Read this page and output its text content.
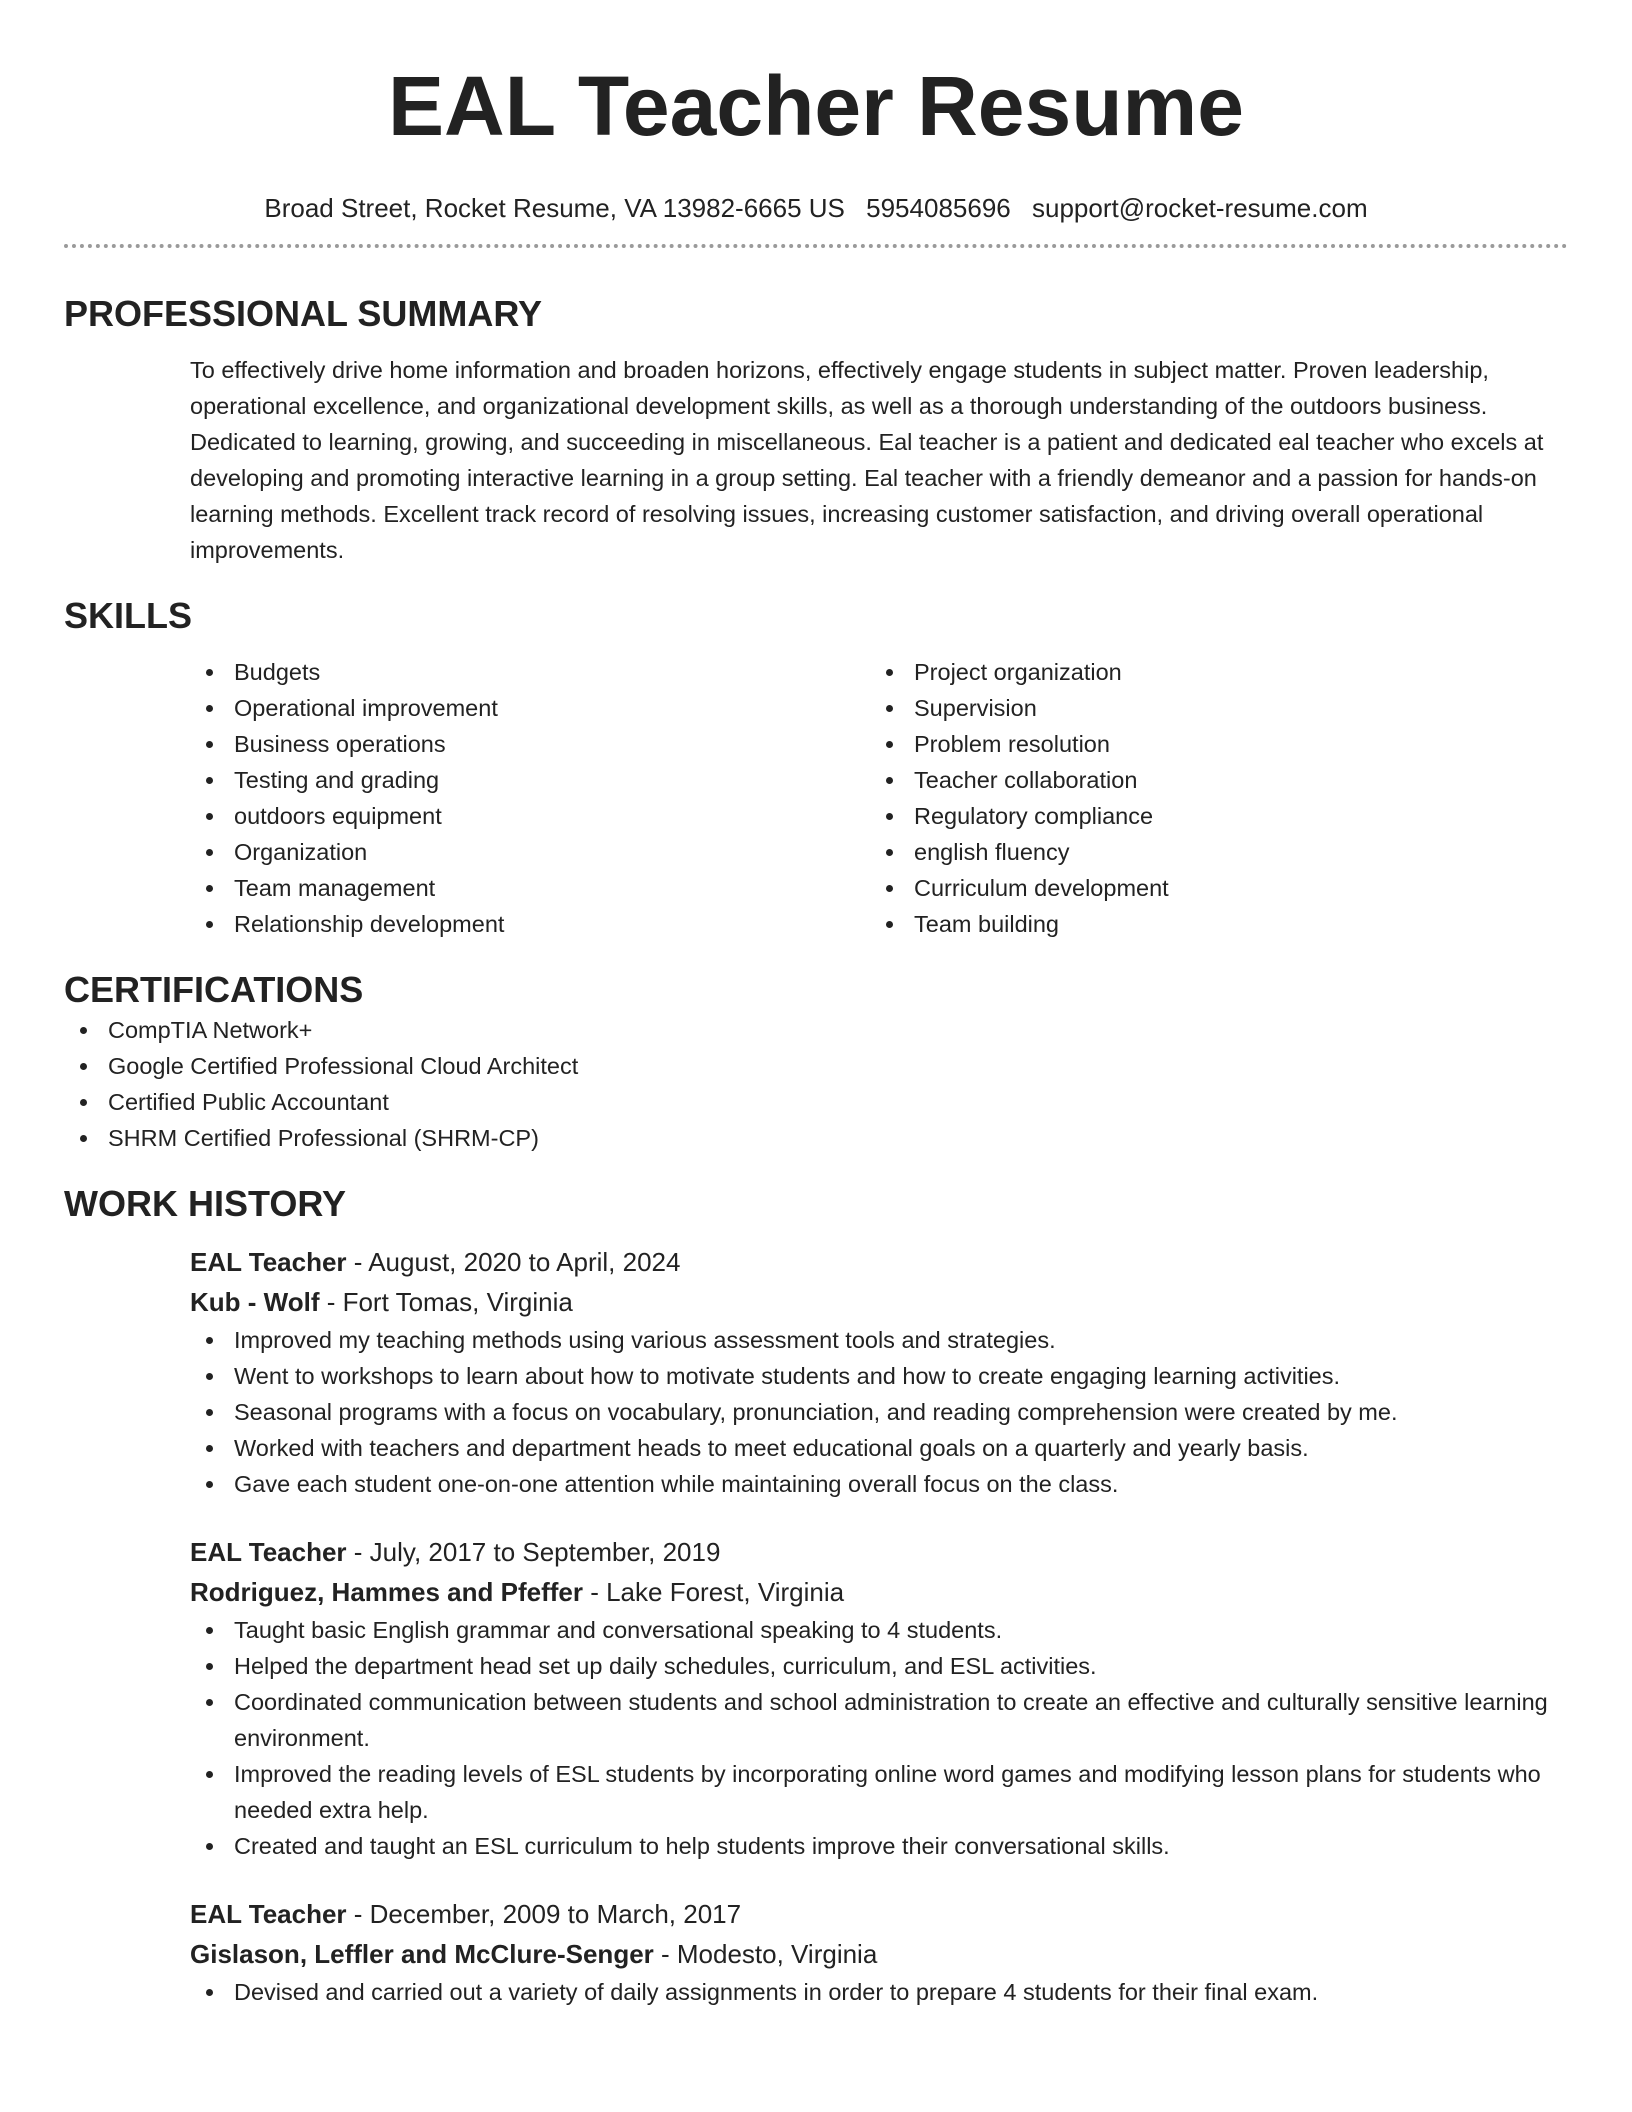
EAL Teacher Resume
Broad Street, Rocket Resume, VA 13982-6665 US 5954085696 support@rocket-resume.com
PROFESSIONAL SUMMARY
To effectively drive home information and broaden horizons, effectively engage students in subject matter. Proven leadership, operational excellence, and organizational development skills, as well as a thorough understanding of the outdoors business. Dedicated to learning, growing, and succeeding in miscellaneous. Eal teacher is a patient and dedicated eal teacher who excels at developing and promoting interactive learning in a group setting. Eal teacher with a friendly demeanor and a passion for hands-on learning methods. Excellent track record of resolving issues, increasing customer satisfaction, and driving overall operational improvements.
SKILLS
Budgets
Operational improvement
Business operations
Testing and grading
outdoors equipment
Organization
Team management
Relationship development
Project organization
Supervision
Problem resolution
Teacher collaboration
Regulatory compliance
english fluency
Curriculum development
Team building
CERTIFICATIONS
CompTIA Network+
Google Certified Professional Cloud Architect
Certified Public Accountant
SHRM Certified Professional (SHRM-CP)
WORK HISTORY
EAL Teacher - August, 2020 to April, 2024
Kub - Wolf - Fort Tomas, Virginia
Improved my teaching methods using various assessment tools and strategies.
Went to workshops to learn about how to motivate students and how to create engaging learning activities.
Seasonal programs with a focus on vocabulary, pronunciation, and reading comprehension were created by me.
Worked with teachers and department heads to meet educational goals on a quarterly and yearly basis.
Gave each student one-on-one attention while maintaining overall focus on the class.
EAL Teacher - July, 2017 to September, 2019
Rodriguez, Hammes and Pfeffer - Lake Forest, Virginia
Taught basic English grammar and conversational speaking to 4 students.
Helped the department head set up daily schedules, curriculum, and ESL activities.
Coordinated communication between students and school administration to create an effective and culturally sensitive learning environment.
Improved the reading levels of ESL students by incorporating online word games and modifying lesson plans for students who needed extra help.
Created and taught an ESL curriculum to help students improve their conversational skills.
EAL Teacher - December, 2009 to March, 2017
Gislason, Leffler and McClure-Senger - Modesto, Virginia
Devised and carried out a variety of daily assignments in order to prepare 4 students for their final exam.
